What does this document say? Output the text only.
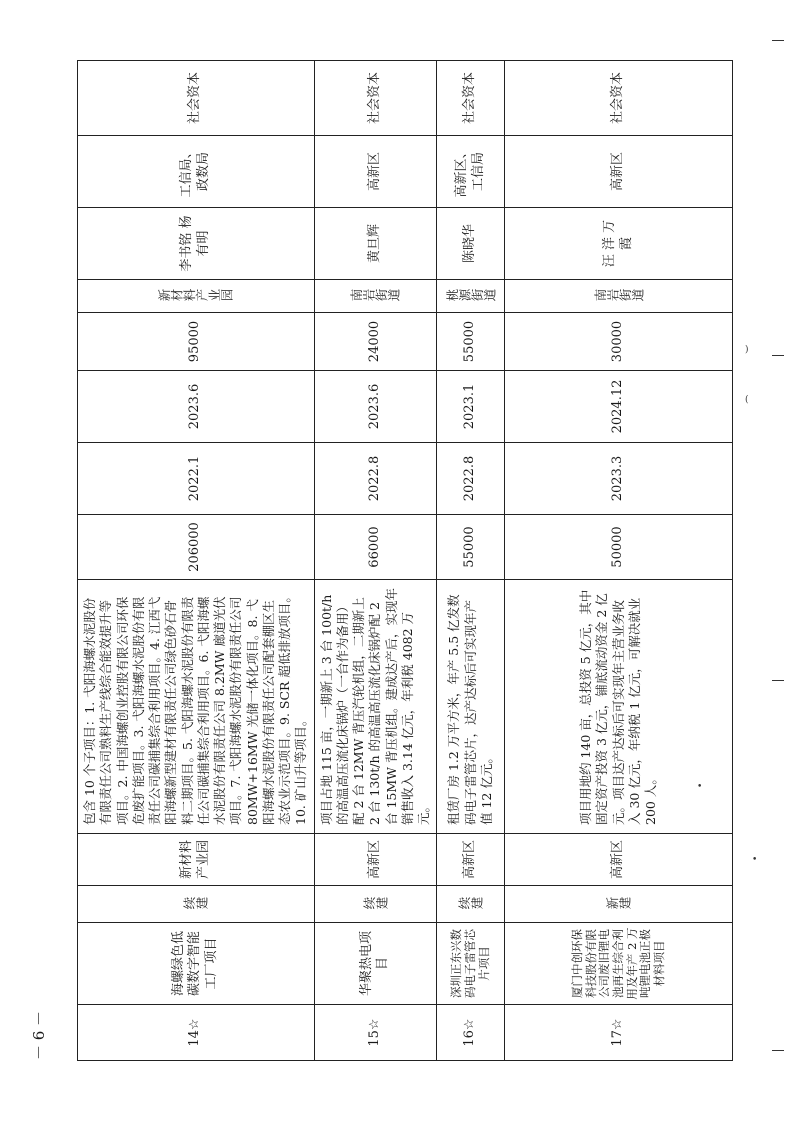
14☆	海螺绿色低碳数字智能工厂项目	续建	新材料产业园	包含 10 个子项目：1. 弋阳海螺水泥股份有限责任公司熟料生产线综合能效提升等项目。2. 中国海螺创业控股有限公司环保危废扩能项目。3. 弋阳海螺水泥股份有限责任公司碳捕集综合利用项目。4. 江西弋阳海螺新型建材有限责任公司绿色砂石骨料二期项目。5. 弋阳海螺水泥股份有限责任公司碳捕集综合利用项目。6. 弋阳海螺水泥股份有限责任公司 8.2MW 廊道光伏项目。7. 弋阳海螺水泥股份有限责任公司 80MW+16MW 光储一体化项目。8. 弋阳海螺水泥股份有限责任公司配套棚区生态农业示范项目。9. SCR 超低排放项目。10. 矿山升等项目。	206000	2022.1	2023.6	95000	新材料产业园	李书铭 杨有明	工信局、政数局	社会资本
15☆	华聚热电项目	续建	高新区	项目占地 115 亩，一期新上 3 台 100t/h 的高温高压流化床锅炉（一台作为备用）配 2 台 12MW 背压汽轮机组，二期新上 2 台 130t/h 的高温高压流化床锅炉配 2 台 15MW 背压机组。建成达产后，实现年销售收入 3.14 亿元，年利税 4082 万元。	66000	2022.8	2023.6	24000	南岩街道	黄旦辉	高新区	社会资本
16☆	深圳正东兴数码电子雷管芯片项目	续建	高新区	租赁厂房 1.2 万平方米，年产 5.5 亿发数码电子雷管芯片，达产达标后可实现年产值 12 亿元。	55000	2022.8	2023.1	55000	桃源街道	陈晓华	高新区、工信局	社会资本
17☆	厦门中创环保科技股份有限公司废旧锂电池再生综合利用及年产 2 万吨锂电池正极材料项目	新建	高新区	项目用地约 140 亩，总投资 5 亿元，其中固定资产投资 3 亿元，铺底流动资金 2 亿元。项目达产达标后可实现年主营业务收入 30 亿元，年纳税 1 亿元，可解决就业 200 人。	50000	2023.3	2024.12	30000	南岩街道	汪 洋 万 霞	高新区	社会资本
－ 6 －
)
(
•
•
